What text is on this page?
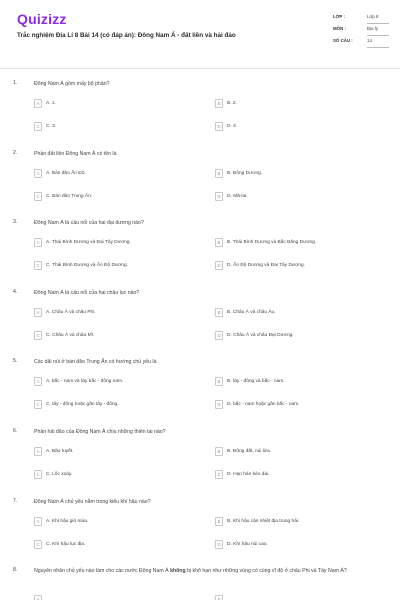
Quizizz
Trắc nghiệm Địa Lí 8 Bài 14 (có đáp án): Đông Nam Á - đất liền và hải đảo
LỚP :	Lớp 8
MÔN :	Địa lý
SỐ CÂU :	14
1.	Đông Nam Á gồm mấy bộ phận?
A	A. 1.	B	B. 2.
C	C. 3.	D	D. 4.
2.	Phần đất liền Đông Nam Á có tên là
A	A. Bán đảo Ấn Độ.	B	B. Đông Dương.
C	C. Bán đảo Trung Ấn.	D	D. Mã-lai.
3.	Đông Nam Á là cầu nối của hai đại dương nào?
A	A. Thái Bình Dương và Đại Tây Dương.	B	B. Thái Bình Dương và Bắc Băng Dương.
C	C. Thái Bình Dương và Ấn Độ Dương.	D	D. Ấn Độ Dương và Đại Tây Dương.
4.	Đông Nam Á là cầu nối của hai châu lục nào?
A	A. Châu Á và châu Phi.	B	B. Châu Á và châu Âu.
C	C. Châu Á và châu Mĩ.	D	D. Châu Á và châu Đại Dương.
5.	Các dãi núi ở bán đảo Trung Ấn có hướng chủ yếu là
A	A. bắc - nam và tây bắc - đông nam.	B	B. tây - đông và bắc - nam.
C	C. tây - đông hoặc gần tây - đông.	D	D. bắc - nam hoặc gần bắc - nam.
6.	Phần hải đảo của Đông Nam Á chịu những thiên tai nào?
A	A. Bão tuyết.	B	B. Động đất, núi lửa.
C	C. Lốc xoáy.	D	D. Hạn hán kéo dài.
7.	Đông Nam Á chủ yếu nằm trong kiểu khí hậu nào?
A	A. Khí hậu gió mùa.	B	B. Khí hậu cận nhiệt địa trung hải.
C	C. Khí hậu lục địa.	D	D. Khí hậu núi cao.
8.	Nguyên nhân chủ yếu nào làm cho các nước Đông Nam Á không bị khô hạn như những vùng có cùng vĩ độ ở châu Phi và Tây Nam Á?
A	B
